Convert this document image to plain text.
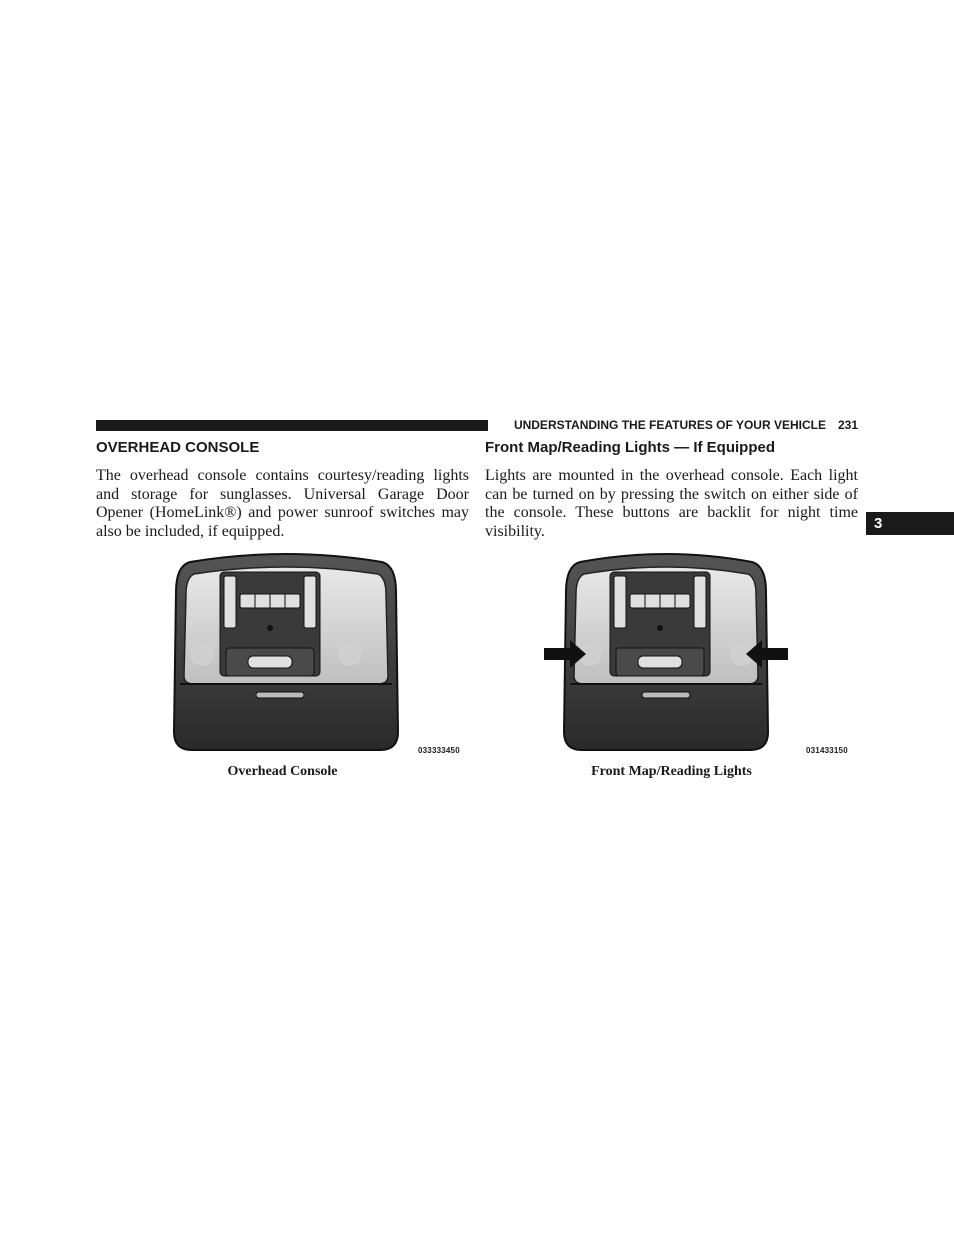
UNDERSTANDING THE FEATURES OF YOUR VEHICLE 231
3
OVERHEAD CONSOLE

The overhead console contains courtesy/reading lights and storage for sunglasses. Universal Garage Door Opener (HomeLink®) and power sunroof switches may also be included, if equipped.

Front Map/Reading Lights — If Equipped

Lights are mounted in the overhead console. Each light can be turned on by pressing the switch on either side of the console. These buttons are backlit for night time visibility.

033333450
Overhead Console
031433150
Front Map/Reading Lights
